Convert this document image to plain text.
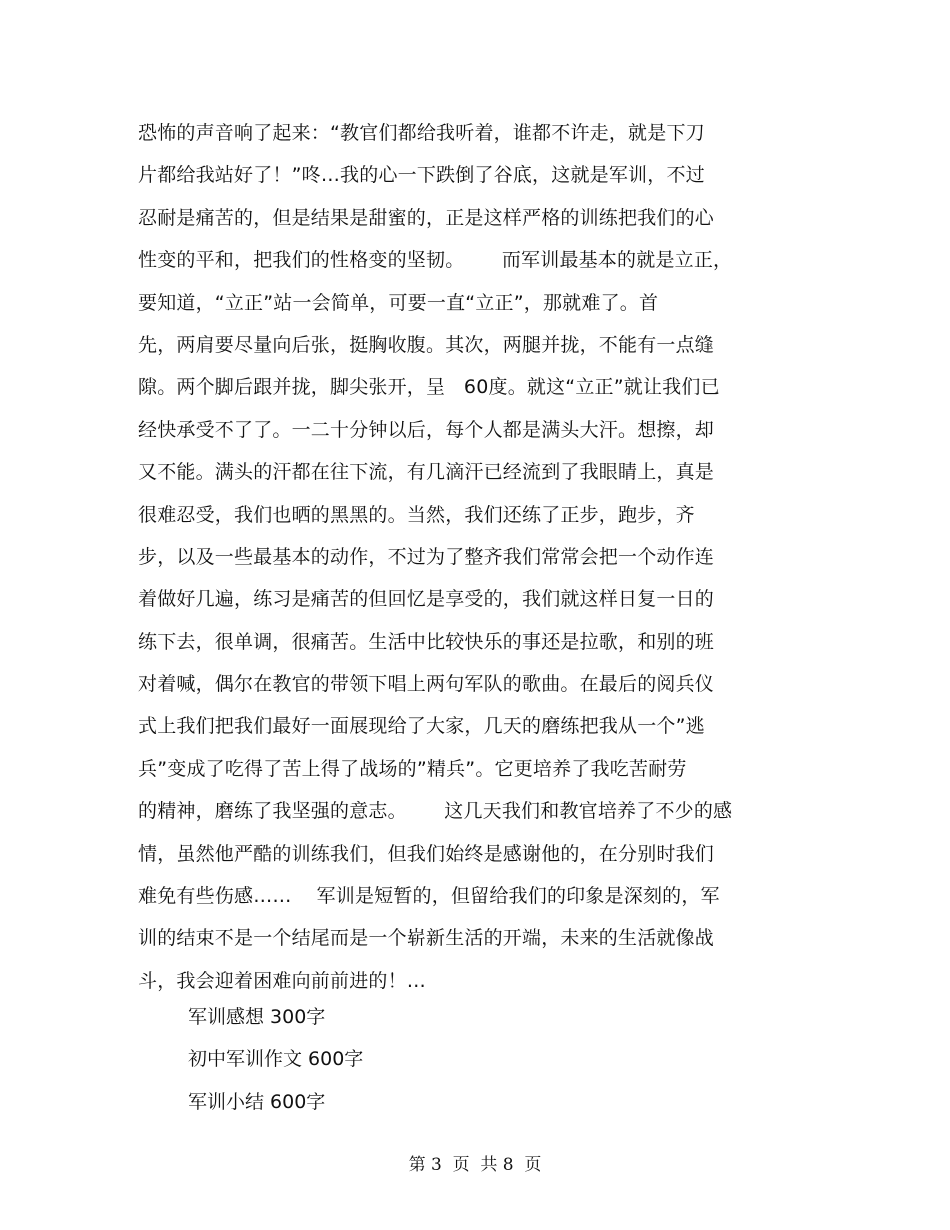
恐怖的声音响了起来：“教官们都给我听着，谁都不许走，就是下刀
片都给我站好了！”咚…我的心一下跌倒了谷底，这就是军训，不过
忍耐是痛苦的，但是结果是甜蜜的，正是这样严格的训练把我们的心
性变的平和，把我们的性格变的坚韧。      而军训最基本的就是立正，
要知道，“立正”站一会简单，可要一直“立正”，那就难了。首
先，两肩要尽量向后张，挺胸收腹。其次，两腿并拢，不能有一点缝
隙。两个脚后跟并拢，脚尖张开，呈   60度。就这“立正”就让我们已
经快承受不了了。一二十分钟以后，每个人都是满头大汗。想擦，却
又不能。满头的汗都在往下流，有几滴汗已经流到了我眼睛上，真是
很难忍受，我们也晒的黑黑的。当然，我们还练了正步，跑步，齐
步，以及一些最基本的动作，不过为了整齐我们常常会把一个动作连
着做好几遍，练习是痛苦的但回忆是享受的，我们就这样日复一日的
练下去，很单调，很痛苦。生活中比较快乐的事还是拉歌，和别的班
对着喊，偶尔在教官的带领下唱上两句军队的歌曲。在最后的阅兵仪
式上我们把我们最好一面展现给了大家，几天的磨练把我从一个”逃
兵”变成了吃得了苦上得了战场的”精兵”。它更培养了我吃苦耐劳
的精神，磨练了我坚强的意志。      这几天我们和教官培养了不少的感
情，虽然他严酷的训练我们，但我们始终是感谢他的，在分别时我们
难免有些伤感……    军训是短暂的，但留给我们的印象是深刻的，军
训的结束不是一个结尾而是一个崭新生活的开端，未来的生活就像战
斗，我会迎着困难向前前进的！…
军训感想 300字
初中军训作文 600字
军训小结 600字
第 3  页  共 8  页
